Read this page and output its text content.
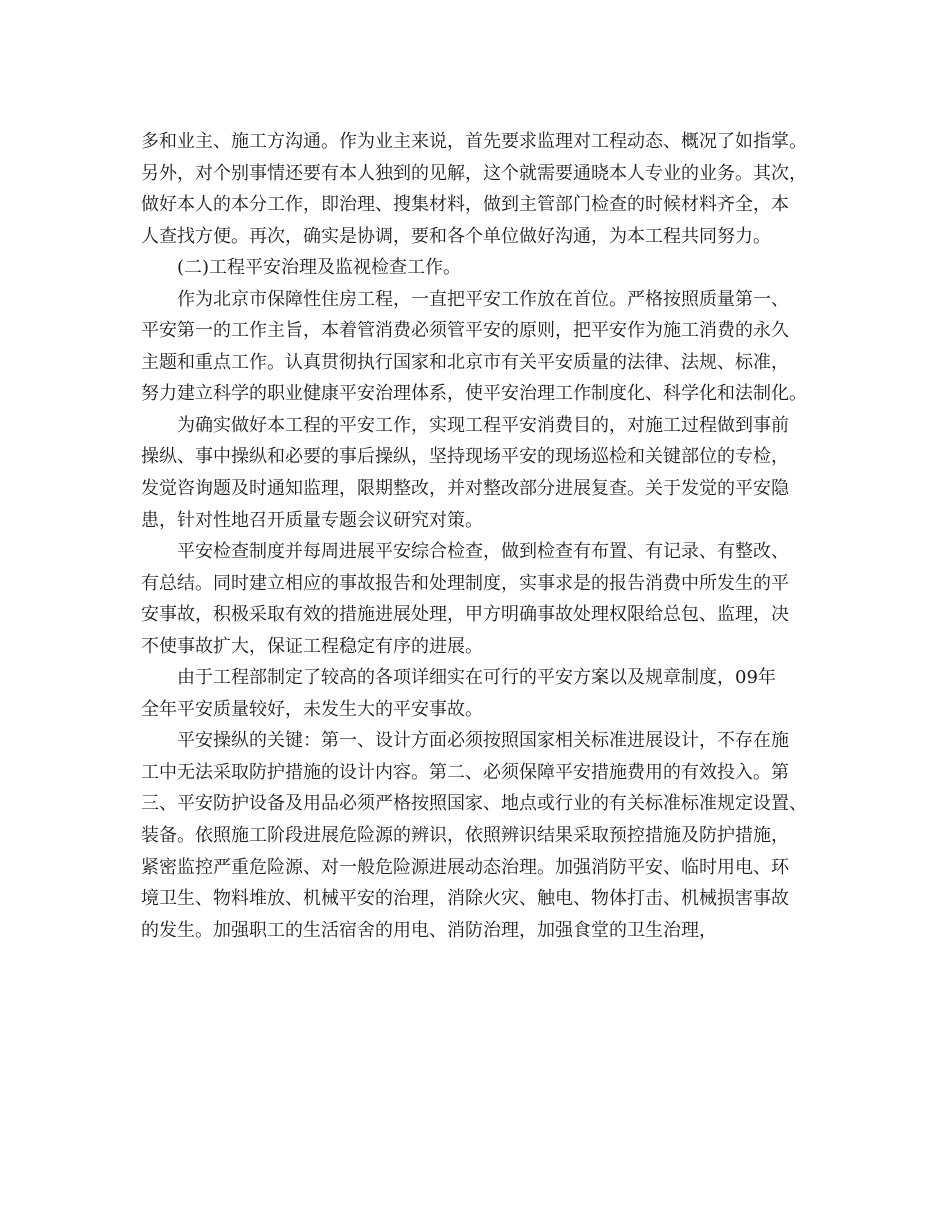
多和业主、施工方沟通。作为业主来说，首先要求监理对工程动态、概况了如指掌。
另外，对个别事情还要有本人独到的见解，这个就需要通晓本人专业的业务。其次，
做好本人的本分工作，即治理、搜集材料，做到主管部门检查的时候材料齐全，本
人查找方便。再次，确实是协调，要和各个单位做好沟通，为本工程共同努力。
(二)工程平安治理及监视检查工作。
作为北京市保障性住房工程，一直把平安工作放在首位。严格按照质量第一、
平安第一的工作主旨，本着管消费必须管平安的原则，把平安作为施工消费的永久
主题和重点工作。认真贯彻执行国家和北京市有关平安质量的法律、法规、标准，
努力建立科学的职业健康平安治理体系，使平安治理工作制度化、科学化和法制化。
为确实做好本工程的平安工作，实现工程平安消费目的，对施工过程做到事前
操纵、事中操纵和必要的事后操纵，坚持现场平安的现场巡检和关键部位的专检，
发觉咨询题及时通知监理，限期整改，并对整改部分进展复查。关于发觉的平安隐
患，针对性地召开质量专题会议研究对策。
平安检查制度并每周进展平安综合检查，做到检查有布置、有记录、有整改、
有总结。同时建立相应的事故报告和处理制度，实事求是的报告消费中所发生的平
安事故，积极采取有效的措施进展处理，甲方明确事故处理权限给总包、监理，决
不使事故扩大，保证工程稳定有序的进展。
由于工程部制定了较高的各项详细实在可行的平安方案以及规章制度，09年
全年平安质量较好，未发生大的平安事故。
平安操纵的关键：第一、设计方面必须按照国家相关标准进展设计，不存在施
工中无法采取防护措施的设计内容。第二、必须保障平安措施费用的有效投入。第
三、平安防护设备及用品必须严格按照国家、地点或行业的有关标准标准规定设置、
装备。依照施工阶段进展危险源的辨识，依照辨识结果采取预控措施及防护措施，
紧密监控严重危险源、对一般危险源进展动态治理。加强消防平安、临时用电、环
境卫生、物料堆放、机械平安的治理，消除火灾、触电、物体打击、机械损害事故
的发生。加强职工的生活宿舍的用电、消防治理，加强食堂的卫生治理，
